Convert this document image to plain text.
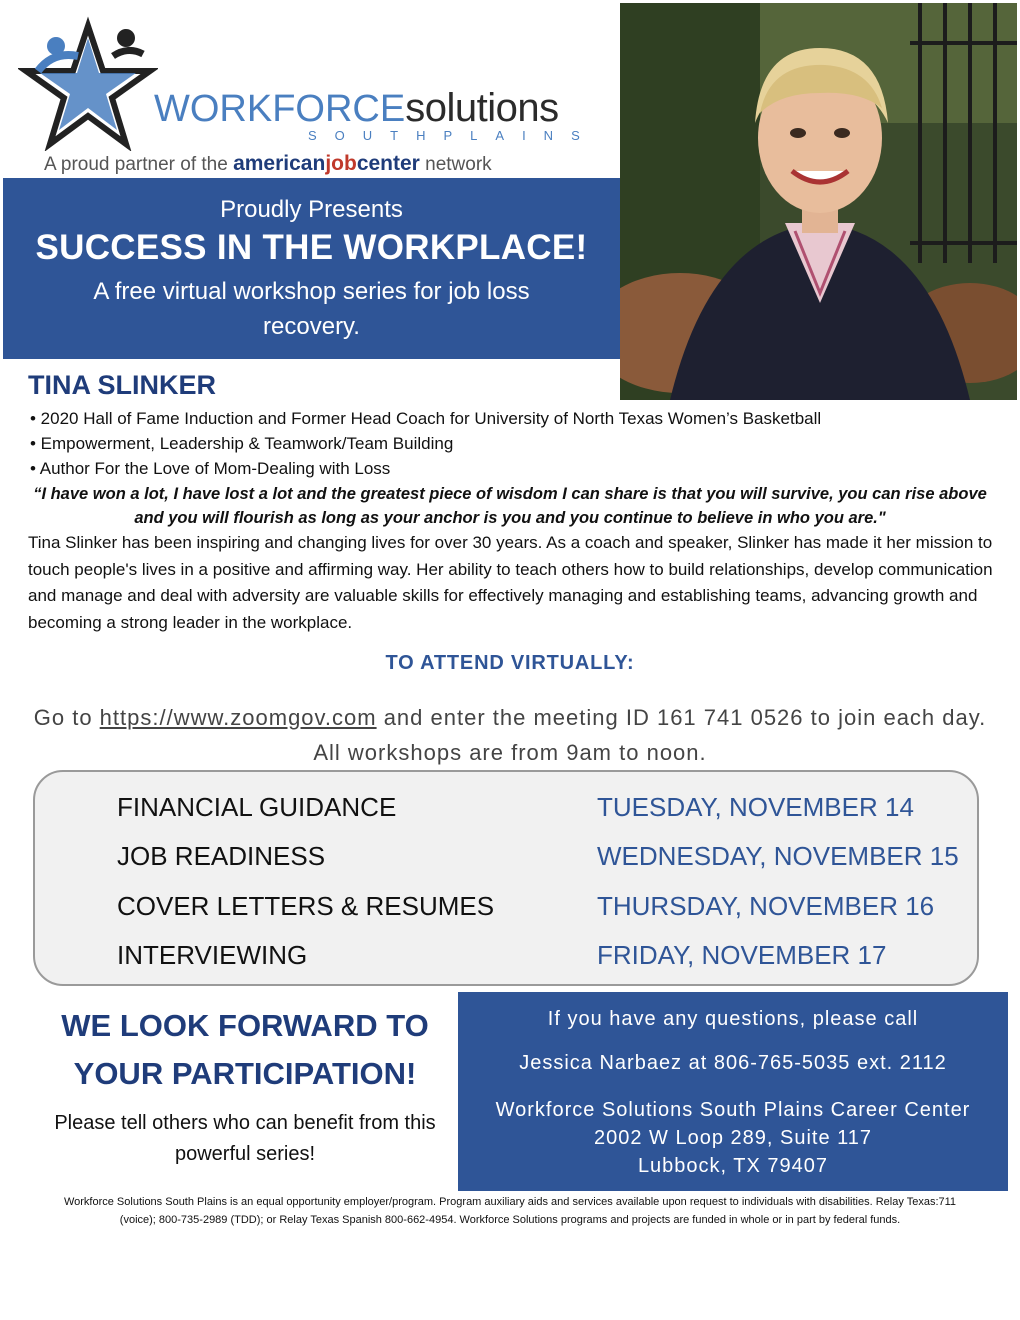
WORKFORCEsolutions
SOUTHPLAINS
A proud partner of the americanjobcenter network
Proudly Presents
SUCCESS IN THE WORKPLACE!
A free virtual workshop series for job loss recovery.
TINA SLINKER
• 2020 Hall of Fame Induction and Former Head Coach for University of North Texas Women’s Basketball
• Empowerment, Leadership & Teamwork/Team Building
• Author For the Love of Mom-Dealing with Loss
“I have won a lot, I have lost a lot and the greatest piece of wisdom I can share is that you will survive, you can rise above and you will flourish as long as your anchor is you and you continue to believe in who you are."
Tina Slinker has been inspiring and changing lives for over 30 years. As a coach and speaker, Slinker has made it her mission to touch people's lives in a positive and affirming way. Her ability to teach others how to build relationships, develop communication and manage and deal with adversity are valuable skills for effectively managing and establishing teams, advancing growth and becoming a strong leader in the workplace.
TO ATTEND VIRTUALLY:
Go to https://www.zoomgov.com and enter the meeting ID 161 741 0526 to join each day. All workshops are from 9am to noon.
FINANCIAL GUIDANCE	TUESDAY, NOVEMBER 14
JOB READINESS	WEDNESDAY, NOVEMBER 15
COVER LETTERS & RESUMES	THURSDAY, NOVEMBER 16
INTERVIEWING	FRIDAY, NOVEMBER 17
WE LOOK FORWARD TO YOUR PARTICIPATION!
Please tell others who can benefit from this powerful series!
If you have any questions, please call
Jessica Narbaez at 806-765-5035 ext. 2112
Workforce Solutions South Plains Career Center
2002 W Loop 289, Suite 117
Lubbock, TX 79407
Workforce Solutions South Plains is an equal opportunity employer/program. Program auxiliary aids and services available upon request to individuals with disabilities. Relay Texas:711 (voice); 800-735-2989 (TDD); or Relay Texas Spanish 800-662-4954. Workforce Solutions programs and projects are funded in whole or in part by federal funds.
